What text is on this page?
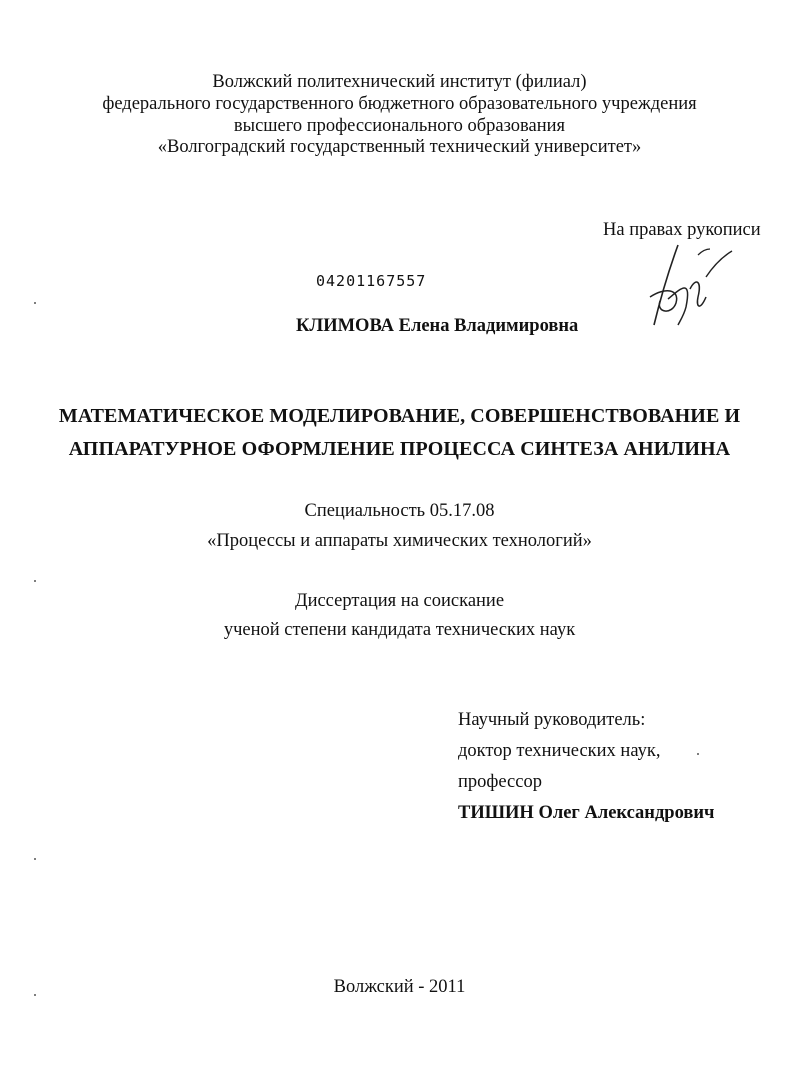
Волжский политехнический институт (филиал)
федерального государственного бюджетного образовательного учреждения
высшего профессионального образования
«Волгоградский государственный технический университет»
На правах рукописи
04201167557
КЛИМОВА Елена Владимировна
МАТЕМАТИЧЕСКОЕ МОДЕЛИРОВАНИЕ, СОВЕРШЕНСТВОВАНИЕ И
АППАРАТУРНОЕ ОФОРМЛЕНИЕ ПРОЦЕССА СИНТЕЗА АНИЛИНА
Специальность 05.17.08
«Процессы и аппараты химических технологий»
Диссертация на соискание
ученой степени кандидата технических наук
Научный руководитель:
доктор технических наук,
профессор
ТИШИН Олег Александрович
Волжский - 2011
